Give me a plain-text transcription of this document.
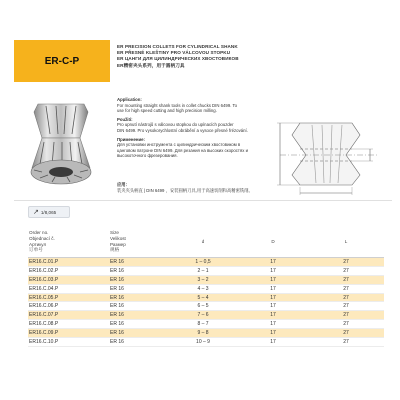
ER-C-P
ER PRECISION COLLETS FOR CYLINDRICAL SHANK
ER PŘESNÉ KLEŠTINY PRO VÁLCOVOU STOPKU
ER ЦАНГИ ДЛЯ ЦИЛИНДРИЧЕСКИХ ХВОСТОВИКОВ
ER精密夹头系列，用于圆柄刀具
Application:
For mounting straight shank tools in collet chucks DIN 6499. To
use for high speed cutting and high precision milling.
Použití:
Pro upnutí nástrojů s válcovou stopkou do upínacích pouzder
DIN 6499. Pro vysokorychlostní obrábění a vysoce přesné frézování.
Применение:
Для установки инструмента с цилиндрическим хвостовиком в
цанговом патроне DIN 6499. Для резания на высоких скоростях и
высокоточного фрезерования.
应用：
装夹夹头柄直 | DIN 6499 ，安装圆柄刀具,用于高速切削和高精密铣削。
↗ 1/8,065
Order no.
Objednací č.
Артикул
订单号
Size
Velikost
Размер
规格
d	D	L
ER16.C.01.P	ER 16	1 – 0,5	17	27
ER16.C.02.P	ER 16	2 – 1	17	27
ER16.C.03.P	ER 16	3 – 2	17	27
ER16.C.04.P	ER 16	4 – 3	17	27
ER16.C.05.P	ER 16	5 – 4	17	27
ER16.C.06.P	ER 16	6 – 5	17	27
ER16.C.07.P	ER 16	7 – 6	17	27
ER16.C.08.P	ER 16	8 – 7	17	27
ER16.C.09.P	ER 16	9 – 8	17	27
ER16.C.10.P	ER 16	10 – 9	17	27
